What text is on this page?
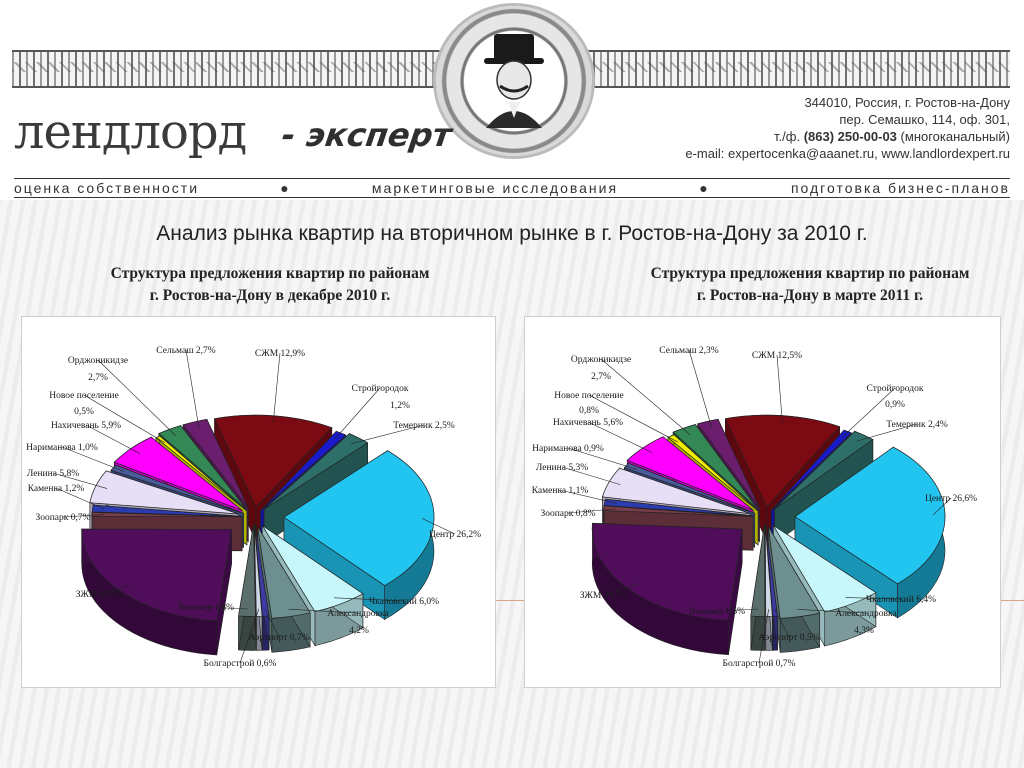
лендлорд - эксперт
344010, Россия, г. Ростов-на-Дону
пер. Семашко, 114, оф. 301,
т./ф. (863) 250-00-03 (многоканальный)
e-mail: expertocenka@aaanet.ru, www.landlordexpert.ru
оценка собственности	●	маркетинговые исследования	●	подготовка бизнес-планов
Анализ рынка квартир на вторичном рынке в г. Ростов-на-Дону за 2010 г.
Структура предложения квартир по районам
г. Ростов-на-Дону в декабре 2010 г.
Структура предложения квартир по районам
г. Ростов-на-Дону в марте 2011 г.
СЖМ 12,9%
Стройгородок
1,2%
Темерник 2,5%
Центр 26,2%
Чкаловский 6,0%
Александровка
4,2%
Аэропорт 0,7%
Болгарстрой 0,6%
Военвед 1,8%
ЗЖМ 23,5%
Зоопарк 0,7%
Каменка 1,2%
Ленина 5,8%
Нариманова 1,0%
Нахичевань 5,9%
Новое поселение
0,5%
Орджоникидзе
2,7%
Сельмаш 2,7%	СЖМ 12,5%
Стройгородок
0,9%
Темерник 2,4%
Центр 26,6%
Чкаловский 6,4%
Александровка
4,3%
Аэропорт 0,5%
Болгарстрой 0,7%
Военвед 1,5%
ЗЖМ 24,5%
Зоопарк 0,8%
Каменка 1,1%
Ленина 5,3%
Нариманова 0,9%
Нахичевань 5,6%
Новое поселение
0,8%
Орджоникидзе
2,7%
Сельмаш 2,3%
